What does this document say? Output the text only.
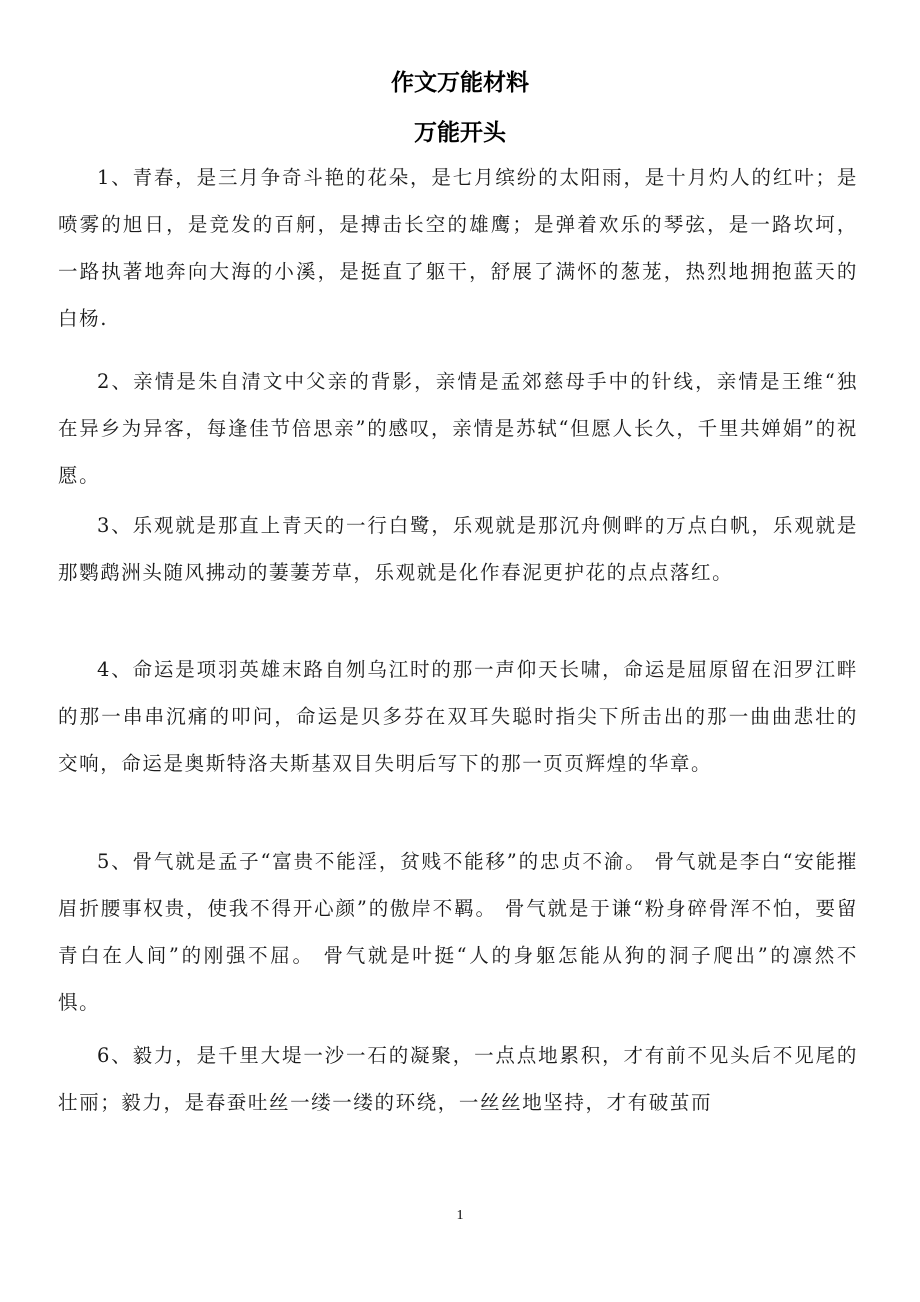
作文万能材料
万能开头

1、青春，是三月争奇斗艳的花朵，是七月缤纷的太阳雨，是十月灼人的红叶；是喷雾的旭日，是竞发的百舸，是搏击长空的雄鹰；是弹着欢乐的琴弦，是一路坎坷，一路执著地奔向大海的小溪，是挺直了躯干，舒展了满怀的葱茏，热烈地拥抱蓝天的白杨.

2、亲情是朱自清文中父亲的背影，亲情是孟郊慈母手中的针线，亲情是王维“独在异乡为异客，每逢佳节倍思亲”的感叹，亲情是苏轼“但愿人长久，千里共婵娟”的祝愿。

3、乐观就是那直上青天的一行白鹭，乐观就是那沉舟侧畔的万点白帆，乐观就是那鹦鹉洲头随风拂动的萋萋芳草，乐观就是化作春泥更护花的点点落红。

4、命运是项羽英雄末路自刎乌江时的那一声仰天长啸，命运是屈原留在汨罗江畔的那一串串沉痛的叩问，命运是贝多芬在双耳失聪时指尖下所击出的那一曲曲悲壮的交响，命运是奥斯特洛夫斯基双目失明后写下的那一页页辉煌的华章。

5、骨气就是孟子“富贵不能淫，贫贱不能移”的忠贞不渝。 骨气就是李白“安能摧眉折腰事权贵，使我不得开心颜”的傲岸不羁。 骨气就是于谦“粉身碎骨浑不怕，要留青白在人间”的刚强不屈。 骨气就是叶挺“人的身躯怎能从狗的洞子爬出”的凛然不惧。

6、毅力，是千里大堤一沙一石的凝聚，一点点地累积，才有前不见头后不见尾的壮丽；毅力，是春蚕吐丝一缕一缕的环绕，一丝丝地坚持，才有破茧而

1
